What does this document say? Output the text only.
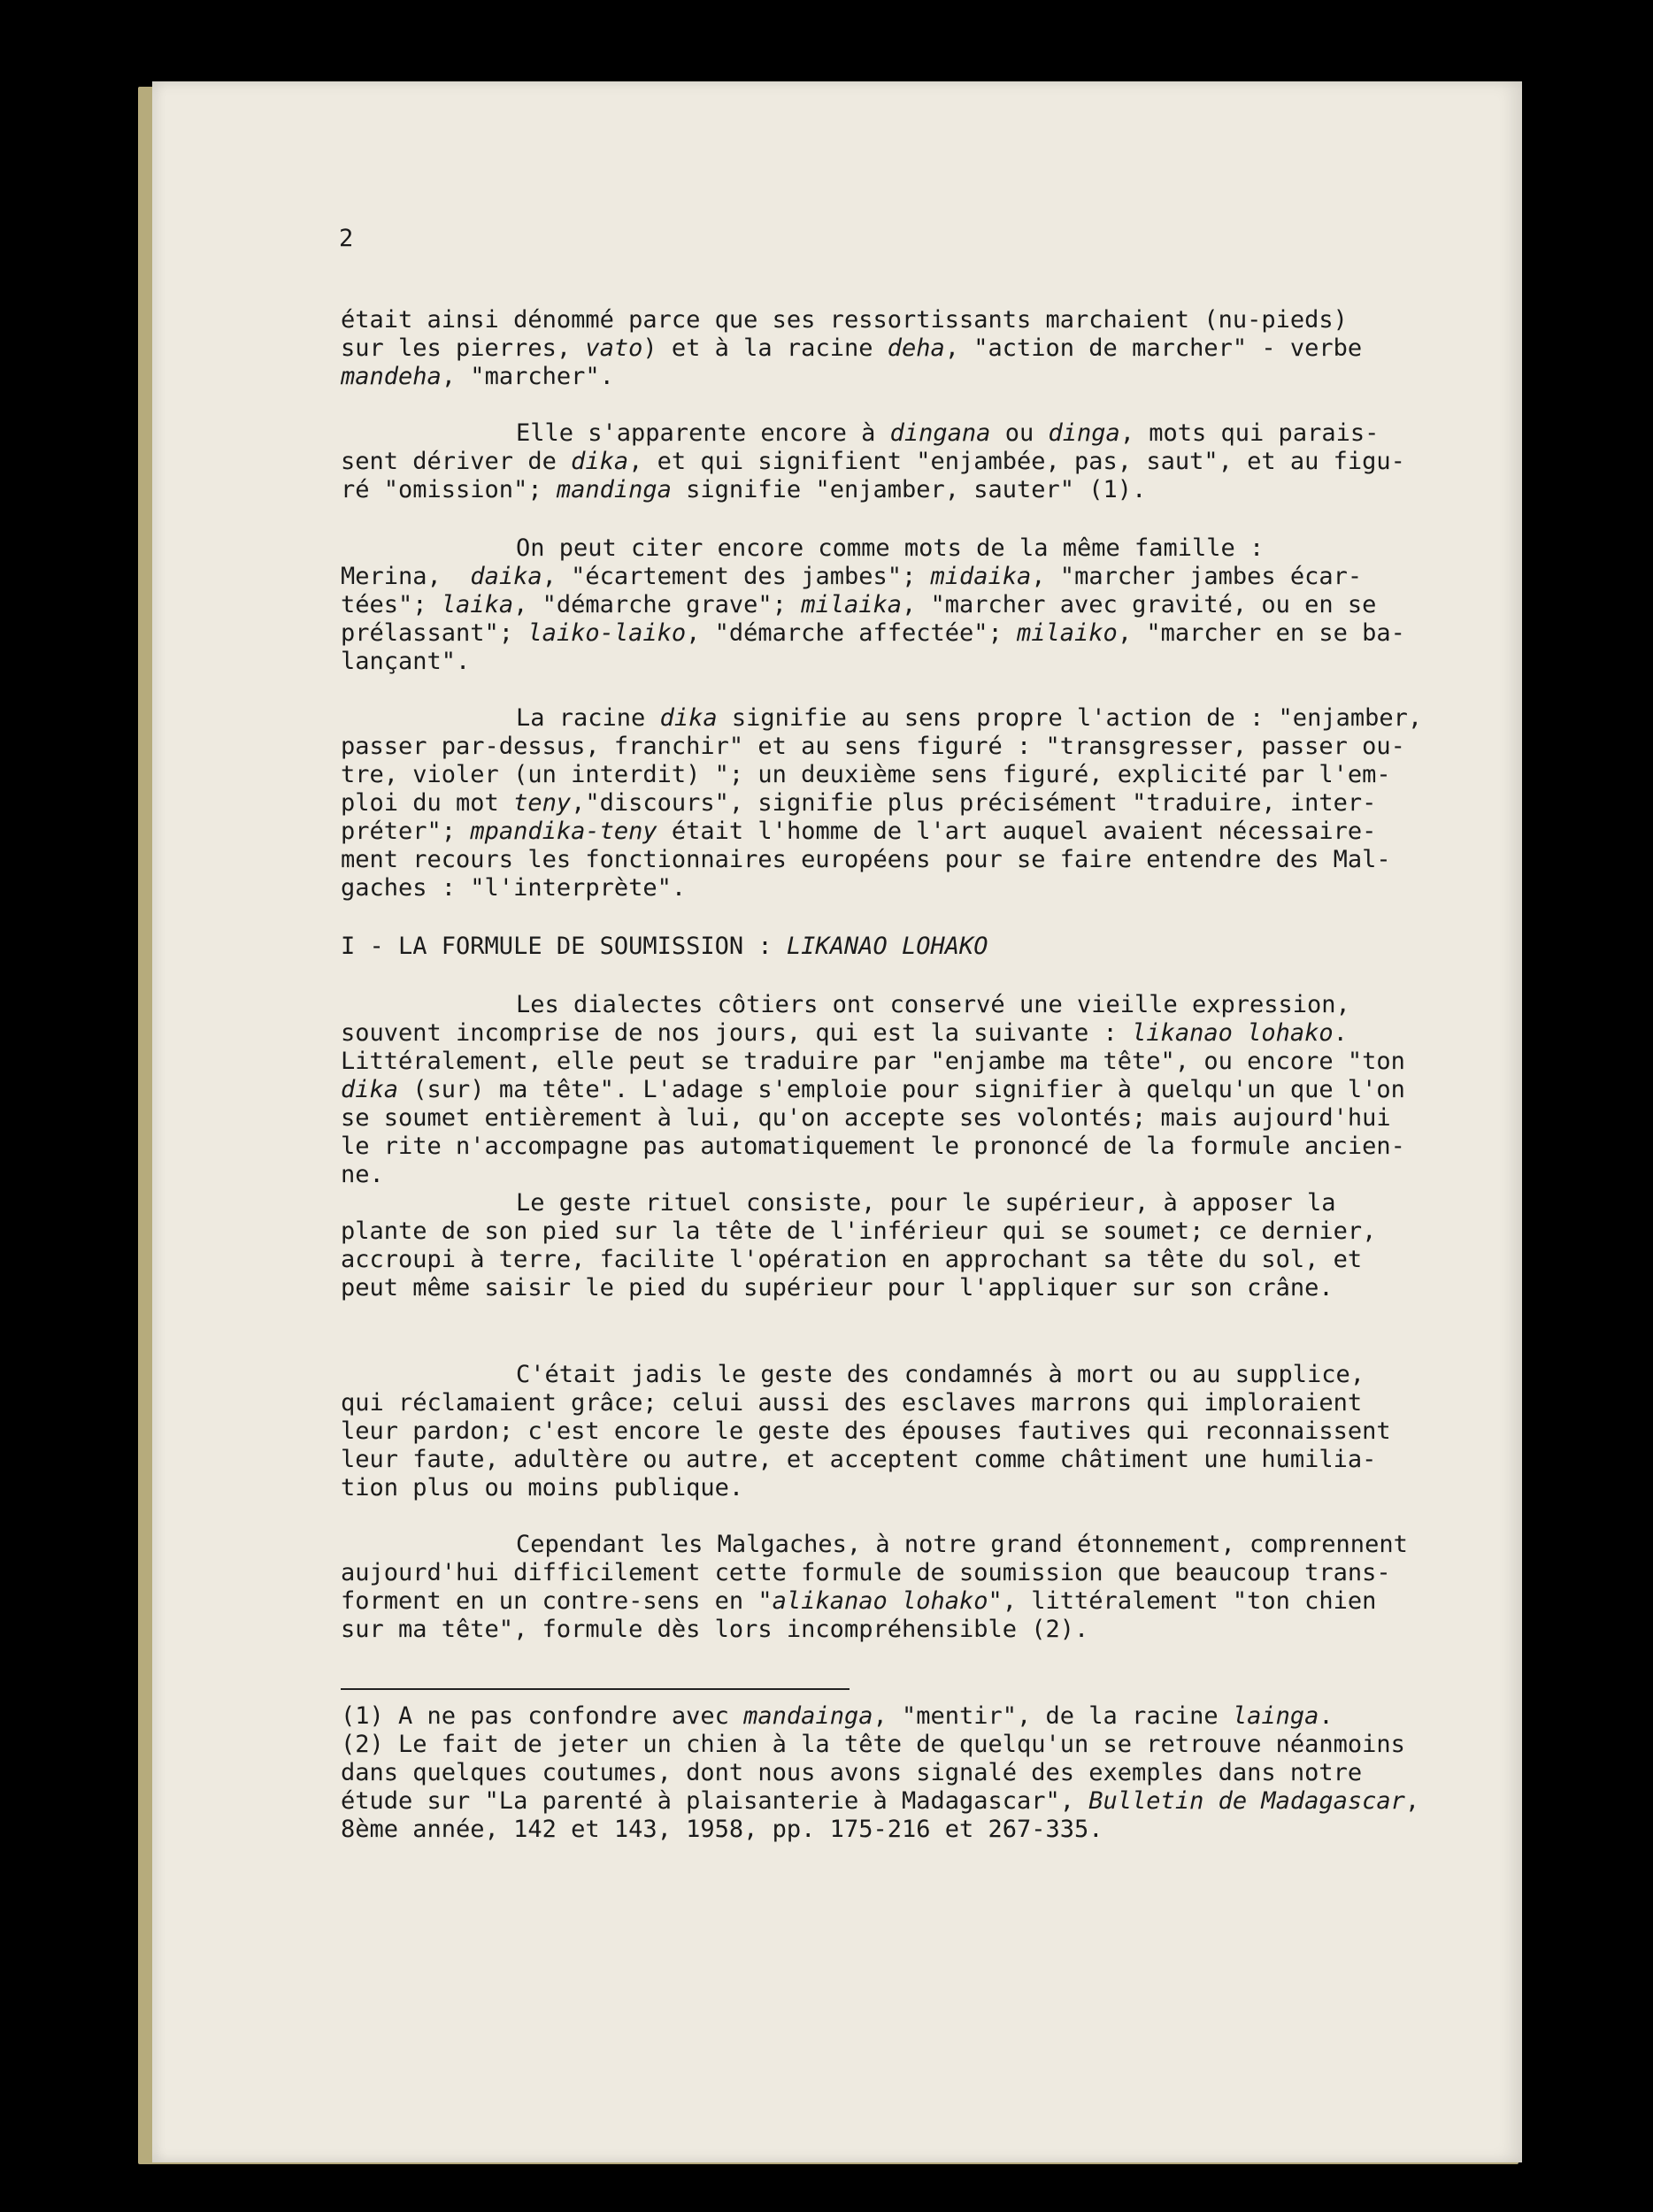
2
était ainsi dénommé parce que ses ressortissants marchaient (nu-pieds)
sur les pierres, vato) et à la racine deha, "action de marcher" - verbe
mandeha, "marcher".
Elle s'apparente encore à dingana ou dinga, mots qui parais-
sent dériver de dika, et qui signifient "enjambée, pas, saut", et au figu-
ré "omission"; mandinga signifie "enjamber, sauter" (1).
On peut citer encore comme mots de la même famille :
Merina,  daika, "écartement des jambes"; midaika, "marcher jambes écar-
tées"; laika, "démarche grave"; milaika, "marcher avec gravité, ou en se
prélassant"; laiko-laiko, "démarche affectée"; milaiko, "marcher en se ba-
lançant".
La racine dika signifie au sens propre l'action de : "enjamber,
passer par-dessus, franchir" et au sens figuré : "transgresser, passer ou-
tre, violer (un interdit) "; un deuxième sens figuré, explicité par l'em-
ploi du mot teny,"discours", signifie plus précisément "traduire, inter-
préter"; mpandika-teny était l'homme de l'art auquel avaient nécessaire-
ment recours les fonctionnaires européens pour se faire entendre des Mal-
gaches : "l'interprète".
I - LA FORMULE DE SOUMISSION : LIKANAO LOHAKO
Les dialectes côtiers ont conservé une vieille expression,
souvent incomprise de nos jours, qui est la suivante : likanao lohako.
Littéralement, elle peut se traduire par "enjambe ma tête", ou encore "ton
dika (sur) ma tête". L'adage s'emploie pour signifier à quelqu'un que l'on
se soumet entièrement à lui, qu'on accepte ses volontés; mais aujourd'hui
le rite n'accompagne pas automatiquement le prononcé de la formule ancien-
ne.
Le geste rituel consiste, pour le supérieur, à apposer la
plante de son pied sur la tête de l'inférieur qui se soumet; ce dernier,
accroupi à terre, facilite l'opération en approchant sa tête du sol, et
peut même saisir le pied du supérieur pour l'appliquer sur son crâne.
C'était jadis le geste des condamnés à mort ou au supplice,
qui réclamaient grâce; celui aussi des esclaves marrons qui imploraient
leur pardon; c'est encore le geste des épouses fautives qui reconnaissent
leur faute, adultère ou autre, et acceptent comme châtiment une humilia-
tion plus ou moins publique.
Cependant les Malgaches, à notre grand étonnement, comprennent
aujourd'hui difficilement cette formule de soumission que beaucoup trans-
forment en un contre-sens en "alikanao lohako", littéralement "ton chien
sur ma tête", formule dès lors incompréhensible (2).
(1) A ne pas confondre avec mandainga, "mentir", de la racine lainga.
(2) Le fait de jeter un chien à la tête de quelqu'un se retrouve néanmoins
dans quelques coutumes, dont nous avons signalé des exemples dans notre
étude sur "La parenté à plaisanterie à Madagascar", Bulletin de Madagascar,
8ème année, 142 et 143, 1958, pp. 175-216 et 267-335.
